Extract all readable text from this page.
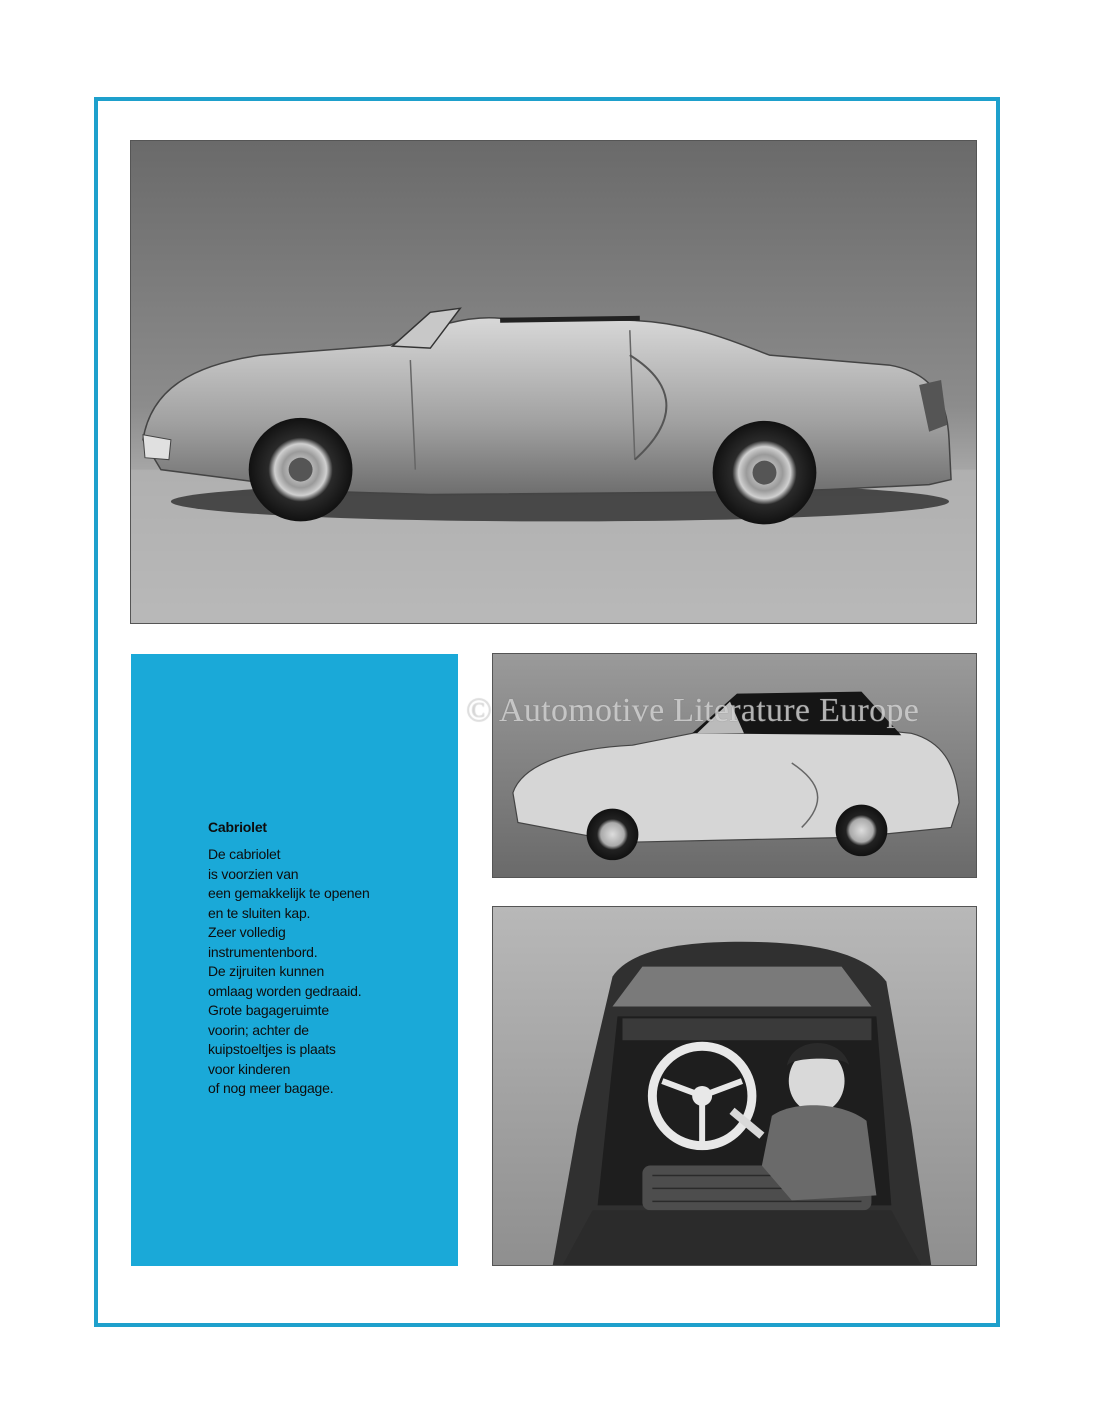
Cabriolet

De cabriolet

is voorzien van

een gemakkelijk te openen

en te sluiten kap.

Zeer volledig

instrumentenbord.

De zijruiten kunnen

omlaag worden gedraaid.

Grote bagageruimte

voorin; achter de

kuipstoeltjes is plaats

voor kinderen

of nog meer bagage.

© Automotive Literature Europe
